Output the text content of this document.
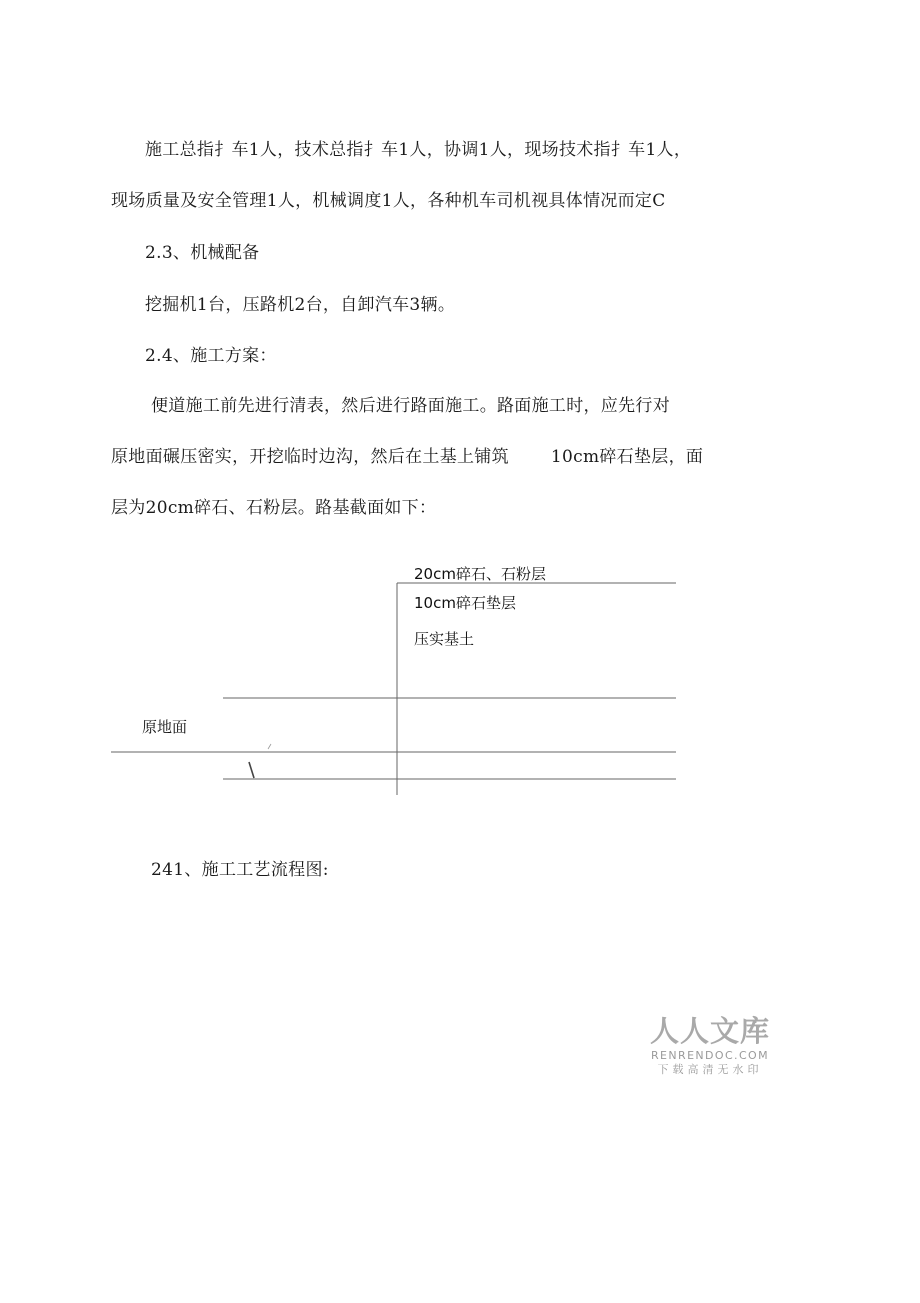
施工总指扌车1人，技术总指扌车1人，协调1人，现场技术指扌车1人，
现场质量及安全管理1人，机械调度1人，各种机车司机视具体情况而定C
2.3、机械配备
挖掘机1台，压路机2台，自卸汽车3辆。
2.4、施工方案：
便道施工前先进行清表，然后进行路面施工。路面施工时，应先行对
原地面碾压密实，开挖临时边沟，然后在土基上铺筑 10cm碎石垫层，面
层为20cm碎石、石粉层。路基截面如下：
20cm碎石、石粉层
10cm碎石垫层
压实基土
原地面
241、施工工艺流程图:
人人文库
RENRENDOC.COM
下载高清无水印
